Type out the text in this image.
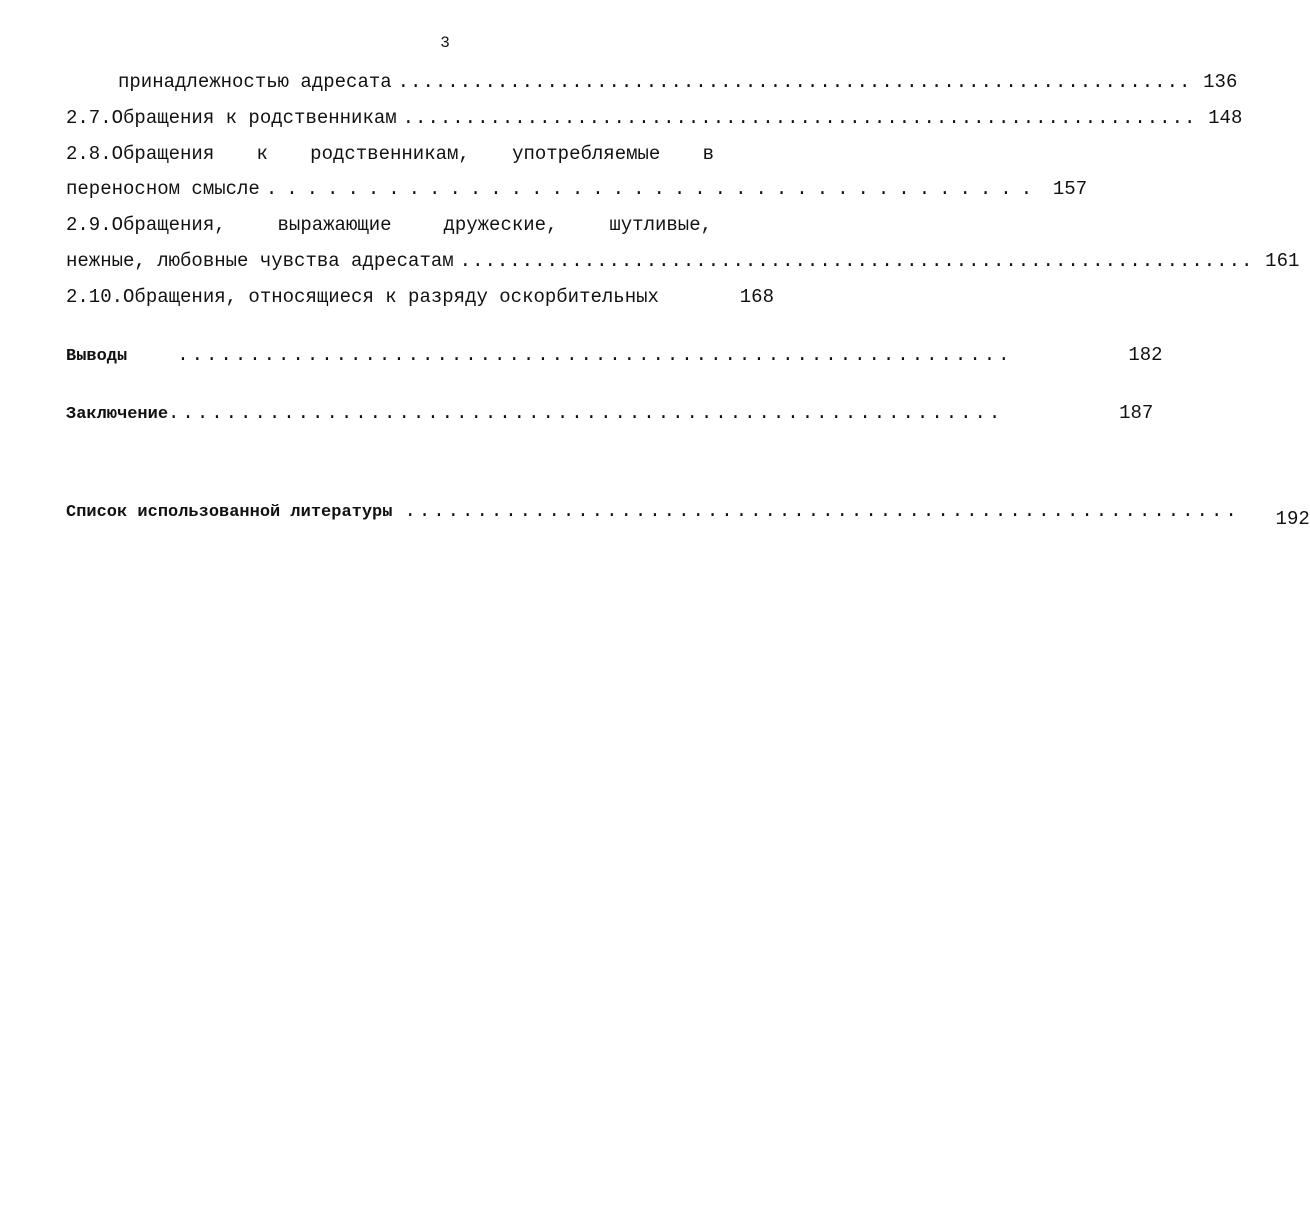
3
принадлежностью адресата ................................................................ 136
2.7.Обращения к родственникам ................................................................ 148
2.8.Обращения к родственникам, употребляемые в
переносном смысле ...................................... 157
2.9.Обращения,	выражающие	дружеские,	шутливые,
нежные, любовные чувства адресатам ................................................................ 161
2.10.Обращения, относящиеся к разряду оскорбительных	168
Выводы	..........................................................	182
Заключение ..........................................................	187
Список использованной литературы ..........................................................	192
